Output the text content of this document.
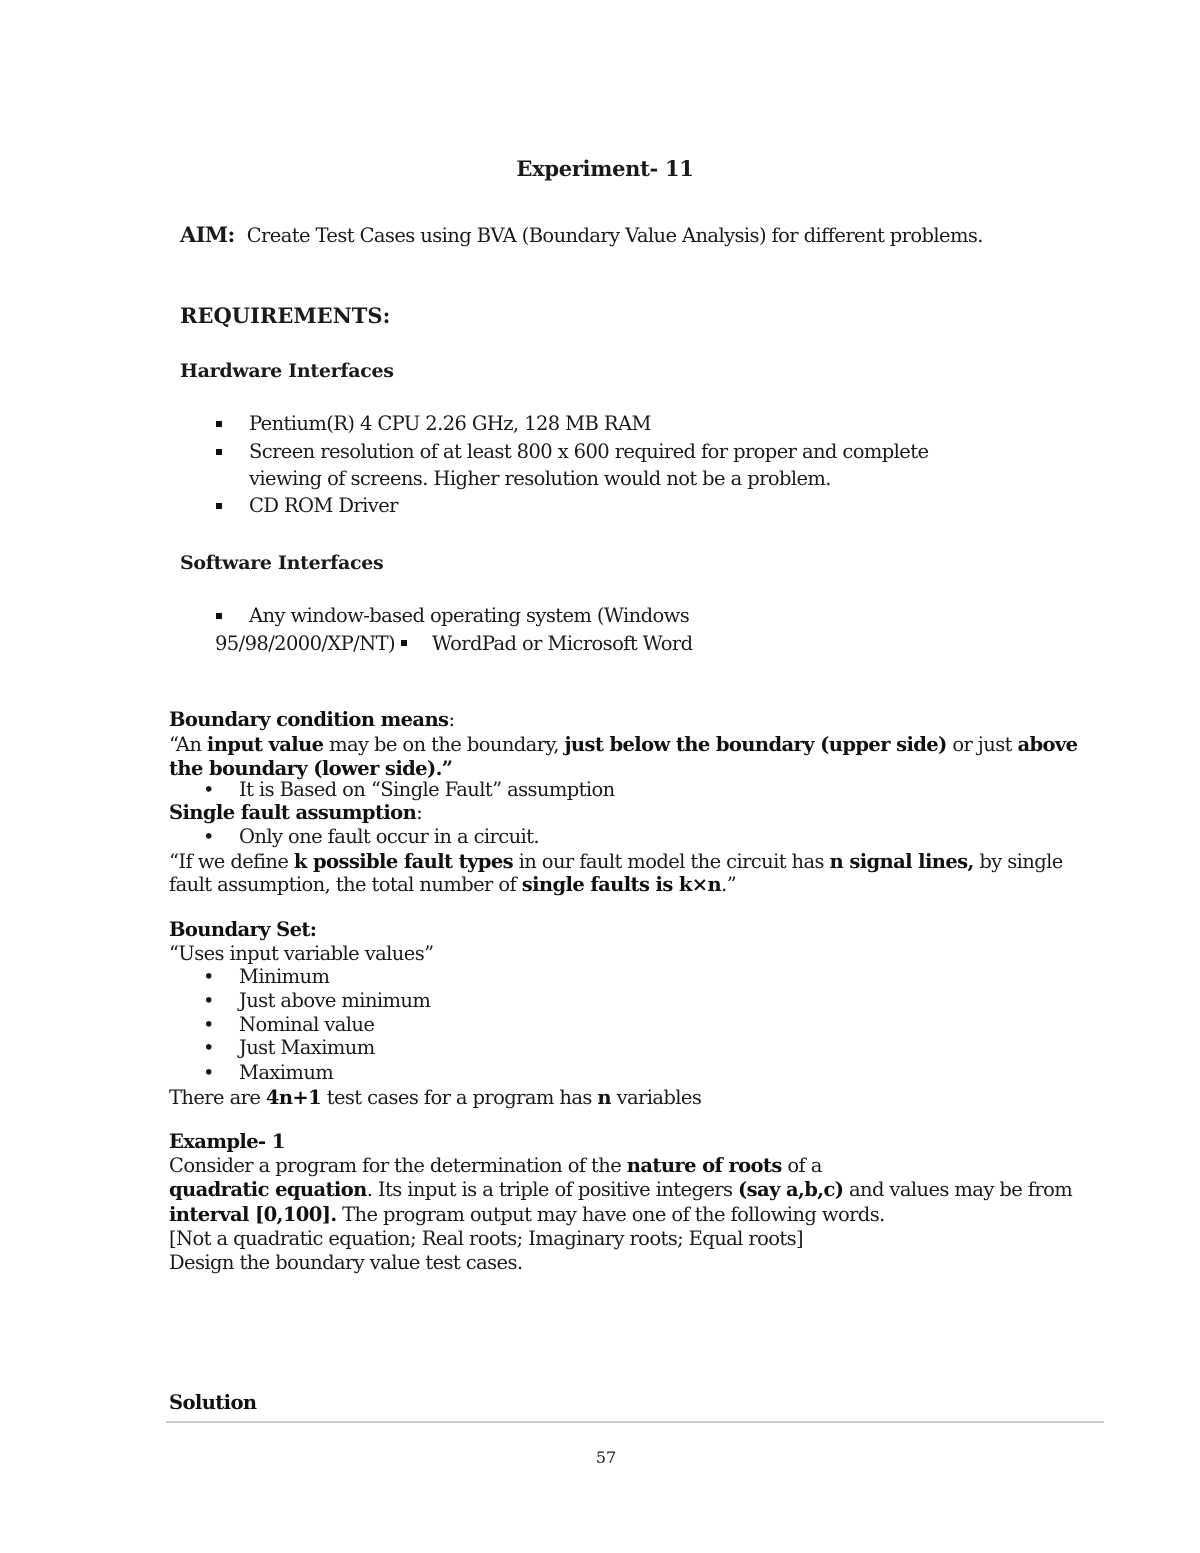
Experiment- 11
AIM: Create Test Cases using BVA (Boundary Value Analysis) for different problems.
REQUIREMENTS:
Hardware Interfaces
Pentium(R) 4 CPU 2.26 GHz, 128 MB RAM
Screen resolution of at least 800 x 600 required for proper and complete
viewing of screens. Higher resolution would not be a problem.
CD ROM Driver
Software Interfaces
Any window-based operating system (Windows
95/98/2000/XP/NT) WordPad or Microsoft Word
Boundary condition means:
“An input value may be on the boundary, just below the boundary (upper side) or just above
the boundary (lower side).”
• It is Based on “Single Fault” assumption
Single fault assumption:
• Only one fault occur in a circuit.
“If we define k possible fault types in our fault model the circuit has n signal lines, by single
fault assumption, the total number of single faults is k×n.”
Boundary Set:
“Uses input variable values”
• Minimum
• Just above minimum
• Nominal value
• Just Maximum
• Maximum
There are 4n+1 test cases for a program has n variables
Example- 1
Consider a program for the determination of the nature of roots of a
quadratic equation. Its input is a triple of positive integers (say a,b,c) and values may be from
interval [0,100]. The program output may have one of the following words.
[Not a quadratic equation; Real roots; Imaginary roots; Equal roots]
Design the boundary value test cases.
Solution
57
